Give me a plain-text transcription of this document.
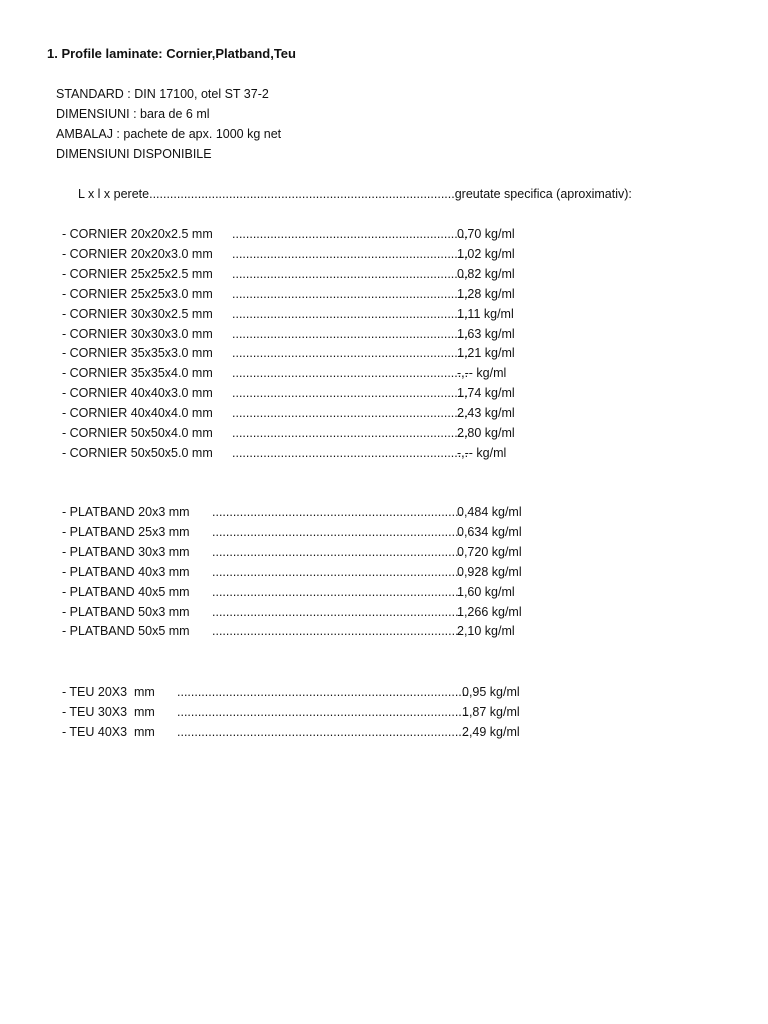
1. Profile laminate: Cornier,Platband,Teu
STANDARD : DIN 17100, otel ST 37-2
DIMENSIUNI : bara de 6 ml
AMBALAJ : pachete de apx. 1000 kg net
DIMENSIUNI DISPONIBILE
L x l x perete........................................................................................greutate specifica (aproximativ):
- CORNIER 20x20x2.5 mm ....................................................................
0,70 kg/ml
- CORNIER 20x20x3.0 mm ....................................................................
1,02 kg/ml
- CORNIER 25x25x2.5 mm ....................................................................
0,82 kg/ml
- CORNIER 25x25x3.0 mm ....................................................................
1,28 kg/ml
- CORNIER 30x30x2.5 mm ....................................................................
1,11 kg/ml
- CORNIER 30x30x3.0 mm ....................................................................
1,63 kg/ml
- CORNIER 35x35x3.0 mm ....................................................................
1,21 kg/ml
- CORNIER 35x35x4.0 mm ....................................................................
-,-- kg/ml
- CORNIER 40x40x3.0 mm ....................................................................
1,74 kg/ml
- CORNIER 40x40x4.0 mm ....................................................................
2,43 kg/ml
- CORNIER 50x50x4.0 mm ....................................................................
2,80 kg/ml
- CORNIER 50x50x5.0 mm ....................................................................
-,-- kg/ml
- PLATBAND 20x3 mm ........................................................................
0,484 kg/ml
- PLATBAND 25x3 mm ........................................................................
0,634 kg/ml
- PLATBAND 30x3 mm ........................................................................
0,720 kg/ml
- PLATBAND 40x3 mm ........................................................................
0,928 kg/ml
- PLATBAND 40x5 mm ........................................................................
1,60 kg/ml
- PLATBAND 50x3 mm ........................................................................
1,266 kg/ml
- PLATBAND 50x5 mm ........................................................................
2,10 kg/ml
- TEU 20X3  mm ....................................................................................
0,95 kg/ml
- TEU 30X3  mm ....................................................................................
1,87 kg/ml
- TEU 40X3  mm ....................................................................................
2,49 kg/ml
